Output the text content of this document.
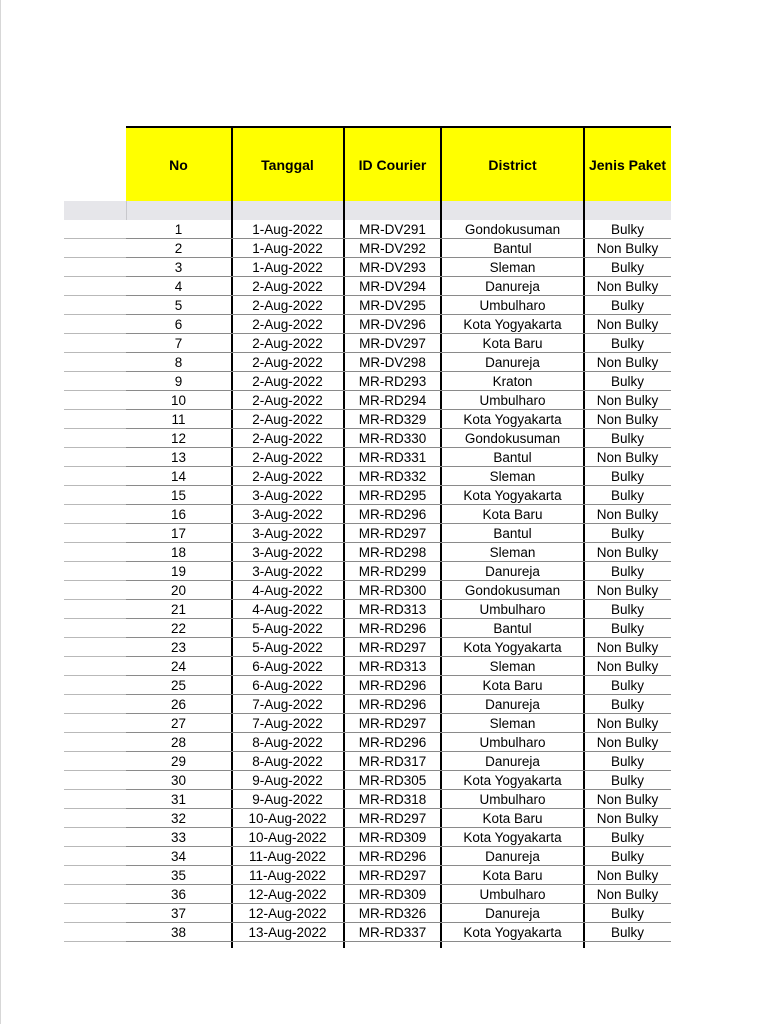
No	Tanggal	ID Courier	District	Jenis Paket
1	1-Aug-2022	MR-DV291	Gondokusuman	Bulky
2	1-Aug-2022	MR-DV292	Bantul	Non Bulky
3	1-Aug-2022	MR-DV293	Sleman	Bulky
4	2-Aug-2022	MR-DV294	Danureja	Non Bulky
5	2-Aug-2022	MR-DV295	Umbulharo	Bulky
6	2-Aug-2022	MR-DV296	Kota Yogyakarta	Non Bulky
7	2-Aug-2022	MR-DV297	Kota Baru	Bulky
8	2-Aug-2022	MR-DV298	Danureja	Non Bulky
9	2-Aug-2022	MR-RD293	Kraton	Bulky
10	2-Aug-2022	MR-RD294	Umbulharo	Non Bulky
11	2-Aug-2022	MR-RD329	Kota Yogyakarta	Non Bulky
12	2-Aug-2022	MR-RD330	Gondokusuman	Bulky
13	2-Aug-2022	MR-RD331	Bantul	Non Bulky
14	2-Aug-2022	MR-RD332	Sleman	Bulky
15	3-Aug-2022	MR-RD295	Kota Yogyakarta	Bulky
16	3-Aug-2022	MR-RD296	Kota Baru	Non Bulky
17	3-Aug-2022	MR-RD297	Bantul	Bulky
18	3-Aug-2022	MR-RD298	Sleman	Non Bulky
19	3-Aug-2022	MR-RD299	Danureja	Bulky
20	4-Aug-2022	MR-RD300	Gondokusuman	Non Bulky
21	4-Aug-2022	MR-RD313	Umbulharo	Bulky
22	5-Aug-2022	MR-RD296	Bantul	Bulky
23	5-Aug-2022	MR-RD297	Kota Yogyakarta	Non Bulky
24	6-Aug-2022	MR-RD313	Sleman	Non Bulky
25	6-Aug-2022	MR-RD296	Kota Baru	Bulky
26	7-Aug-2022	MR-RD296	Danureja	Bulky
27	7-Aug-2022	MR-RD297	Sleman	Non Bulky
28	8-Aug-2022	MR-RD296	Umbulharo	Non Bulky
29	8-Aug-2022	MR-RD317	Danureja	Bulky
30	9-Aug-2022	MR-RD305	Kota Yogyakarta	Bulky
31	9-Aug-2022	MR-RD318	Umbulharo	Non Bulky
32	10-Aug-2022	MR-RD297	Kota Baru	Non Bulky
33	10-Aug-2022	MR-RD309	Kota Yogyakarta	Bulky
34	11-Aug-2022	MR-RD296	Danureja	Bulky
35	11-Aug-2022	MR-RD297	Kota Baru	Non Bulky
36	12-Aug-2022	MR-RD309	Umbulharo	Non Bulky
37	12-Aug-2022	MR-RD326	Danureja	Bulky
38	13-Aug-2022	MR-RD337	Kota Yogyakarta	Bulky
